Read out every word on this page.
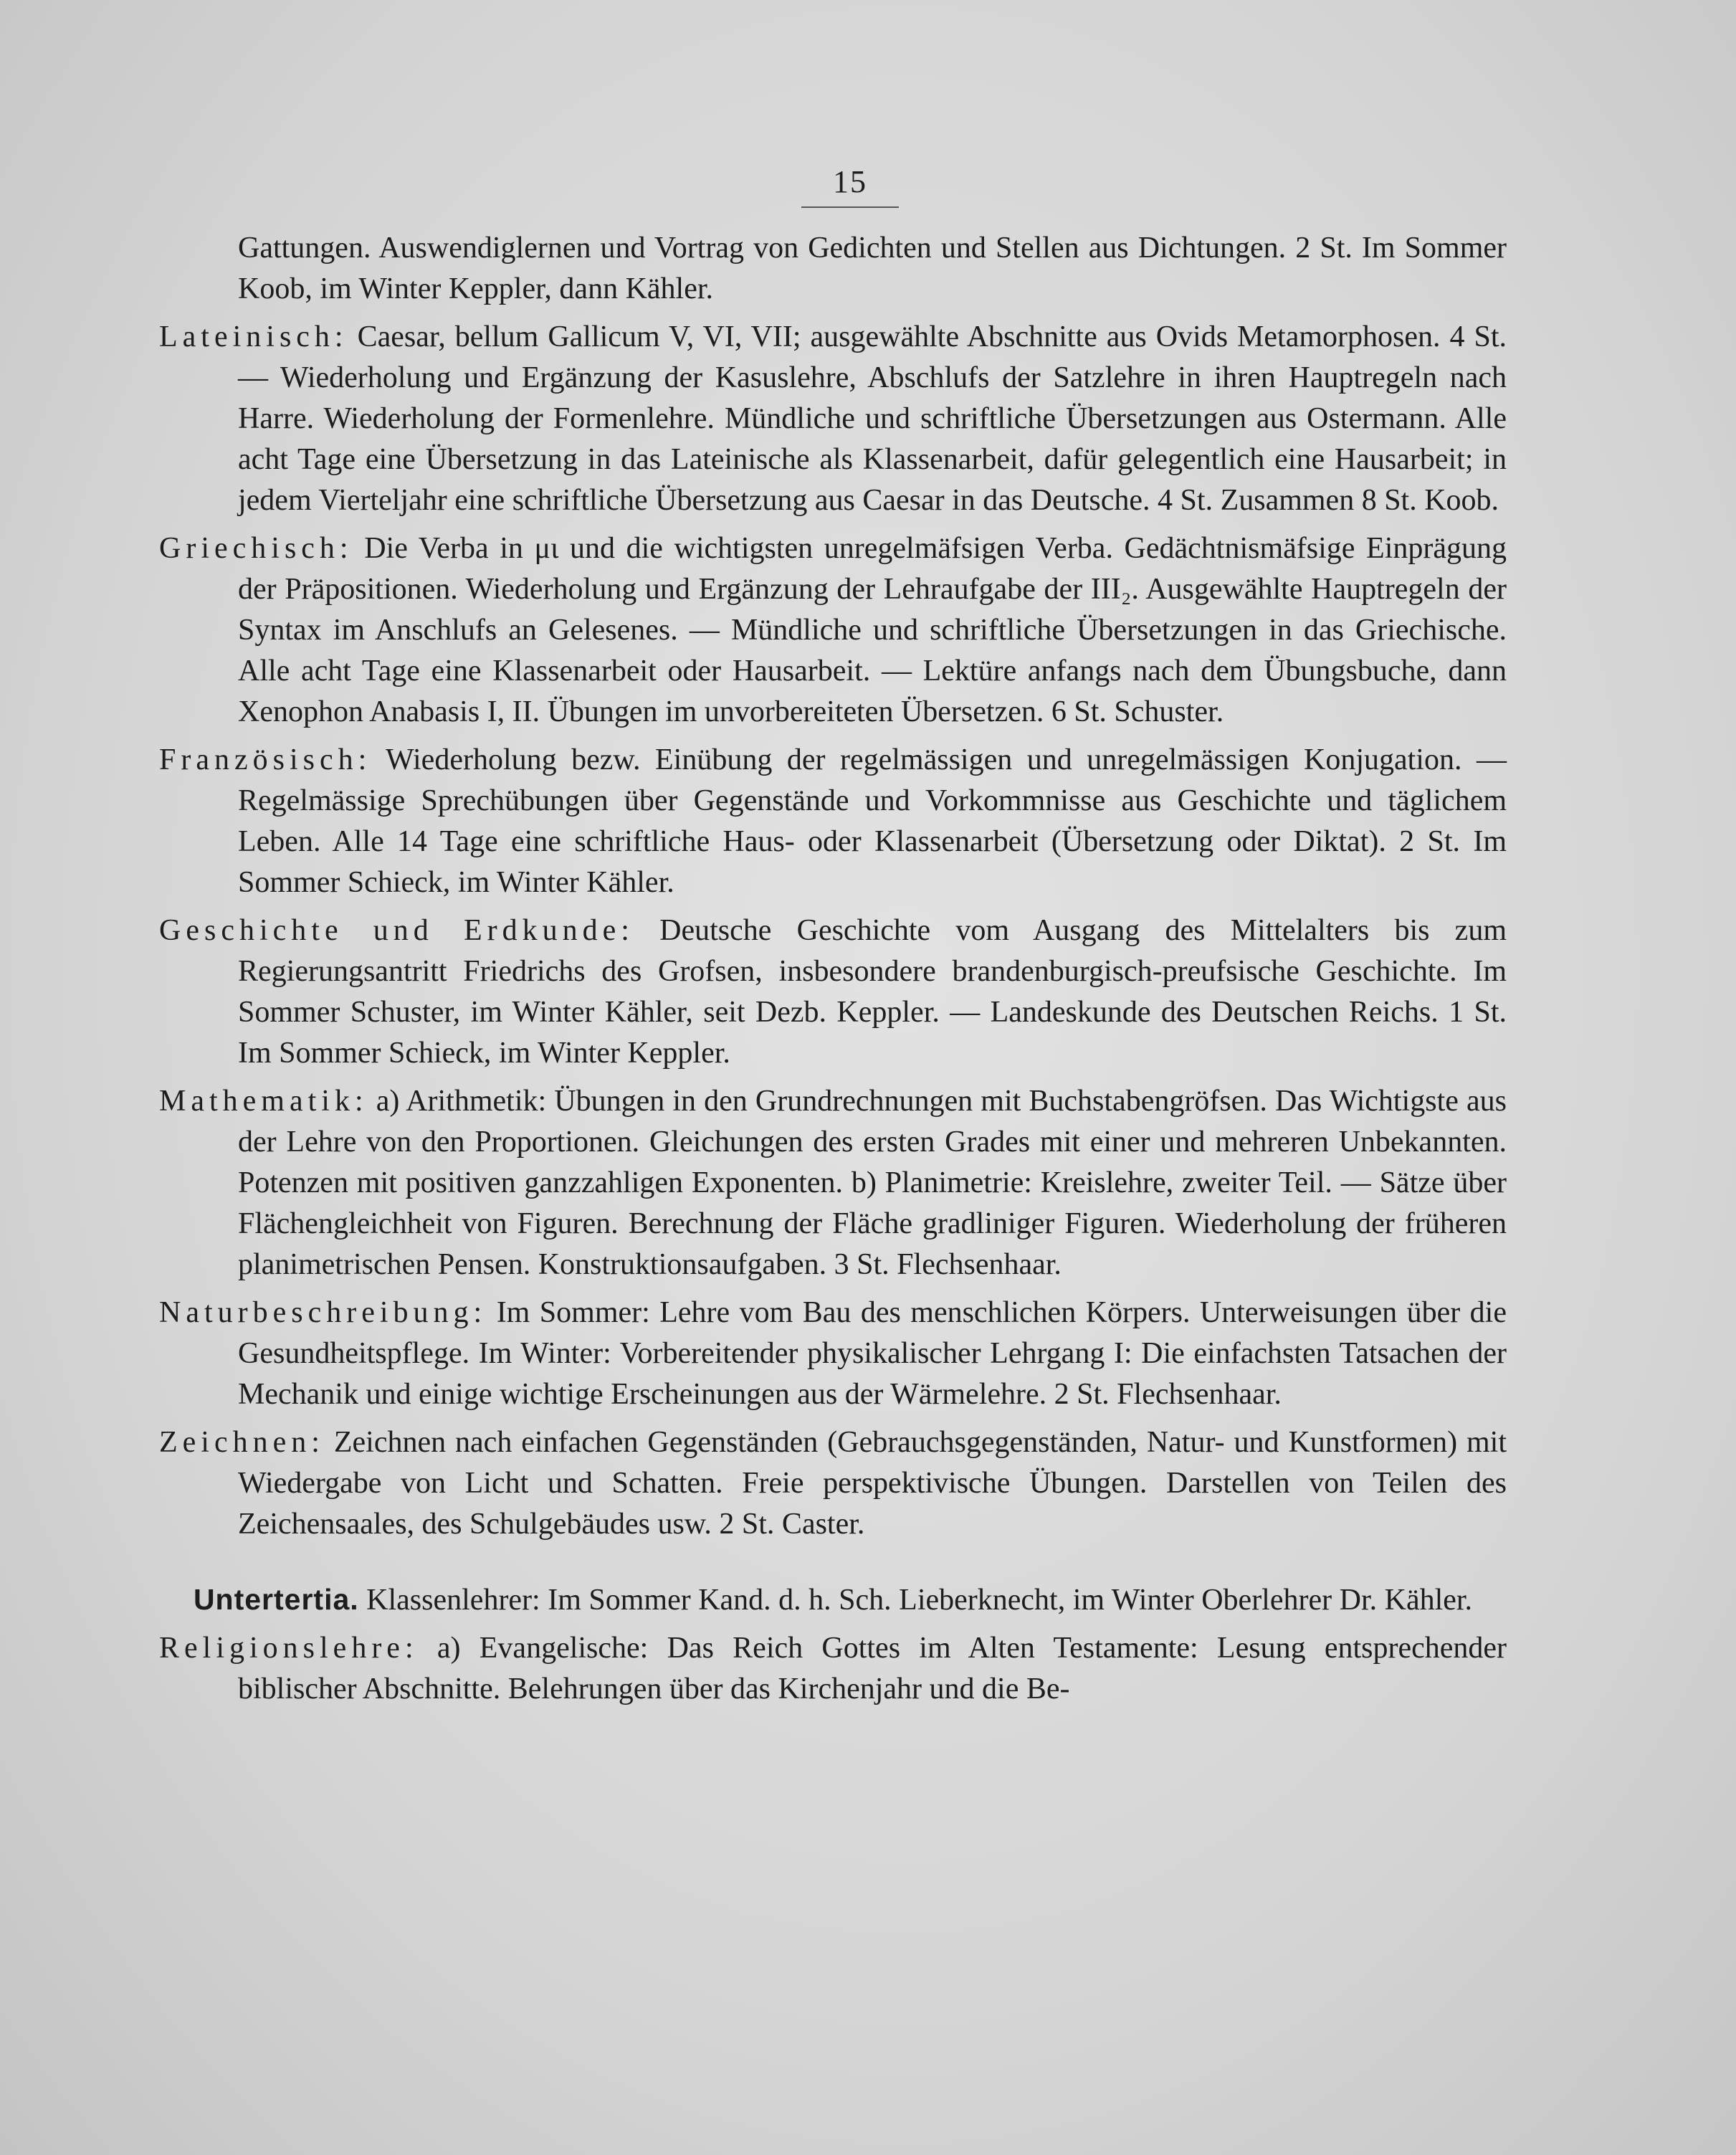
15

Gattungen. Auswendiglernen und Vortrag von Gedichten und Stellen aus Dichtungen. 2 St. Im Sommer Koob, im Winter Keppler, dann Kähler.

Lateinisch: Caesar, bellum Gallicum V, VI, VII; ausgewählte Abschnitte aus Ovids Metamorphosen. 4 St. — Wiederholung und Ergänzung der Kasuslehre, Abschlufs der Satzlehre in ihren Hauptregeln nach Harre. Wiederholung der Formenlehre. Mündliche und schriftliche Übersetzungen aus Ostermann. Alle acht Tage eine Übersetzung in das Lateinische als Klassenarbeit, dafür gelegentlich eine Hausarbeit; in jedem Vierteljahr eine schriftliche Übersetzung aus Caesar in das Deutsche. 4 St. Zusammen 8 St. Koob.

Griechisch: Die Verba in μι und die wichtigsten unregelmäfsigen Verba. Gedächtnismäfsige Einprägung der Präpositionen. Wiederholung und Ergänzung der Lehraufgabe der III₂. Ausgewählte Hauptregeln der Syntax im Anschlufs an Gelesenes. — Mündliche und schriftliche Übersetzungen in das Griechische. Alle acht Tage eine Klassenarbeit oder Hausarbeit. — Lektüre anfangs nach dem Übungsbuche, dann Xenophon Anabasis I, II. Übungen im unvorbereiteten Übersetzen. 6 St. Schuster.

Französisch: Wiederholung bezw. Einübung der regelmässigen und unregelmässigen Konjugation. — Regelmässige Sprechübungen über Gegenstände und Vorkommnisse aus Geschichte und täglichem Leben. Alle 14 Tage eine schriftliche Haus- oder Klassenarbeit (Übersetzung oder Diktat). 2 St. Im Sommer Schieck, im Winter Kähler.

Geschichte und Erdkunde: Deutsche Geschichte vom Ausgang des Mittelalters bis zum Regierungsantritt Friedrichs des Grofsen, insbesondere brandenburgisch-preufsische Geschichte. Im Sommer Schuster, im Winter Kähler, seit Dezb. Keppler. — Landeskunde des Deutschen Reichs. 1 St. Im Sommer Schieck, im Winter Keppler.

Mathematik: a) Arithmetik: Übungen in den Grundrechnungen mit Buchstabengröfsen. Das Wichtigste aus der Lehre von den Proportionen. Gleichungen des ersten Grades mit einer und mehreren Unbekannten. Potenzen mit positiven ganzzahligen Exponenten. b) Planimetrie: Kreislehre, zweiter Teil. — Sätze über Flächengleichheit von Figuren. Berechnung der Fläche gradliniger Figuren. Wiederholung der früheren planimetrischen Pensen. Konstruktionsaufgaben. 3 St. Flechsenhaar.

Naturbeschreibung: Im Sommer: Lehre vom Bau des menschlichen Körpers. Unterweisungen über die Gesundheitspflege. Im Winter: Vorbereitender physikalischer Lehrgang I: Die einfachsten Tatsachen der Mechanik und einige wichtige Erscheinungen aus der Wärmelehre. 2 St. Flechsenhaar.

Zeichnen: Zeichnen nach einfachen Gegenständen (Gebrauchsgegenständen, Natur- und Kunstformen) mit Wiedergabe von Licht und Schatten. Freie perspektivische Übungen. Darstellen von Teilen des Zeichensaales, des Schulgebäudes usw. 2 St. Caster.

Untertertia. Klassenlehrer: Im Sommer Kand. d. h. Sch. Lieberknecht, im Winter Oberlehrer Dr. Kähler.

Religionslehre: a) Evangelische: Das Reich Gottes im Alten Testamente: Lesung entsprechender biblischer Abschnitte. Belehrungen über das Kirchenjahr und die Be-
